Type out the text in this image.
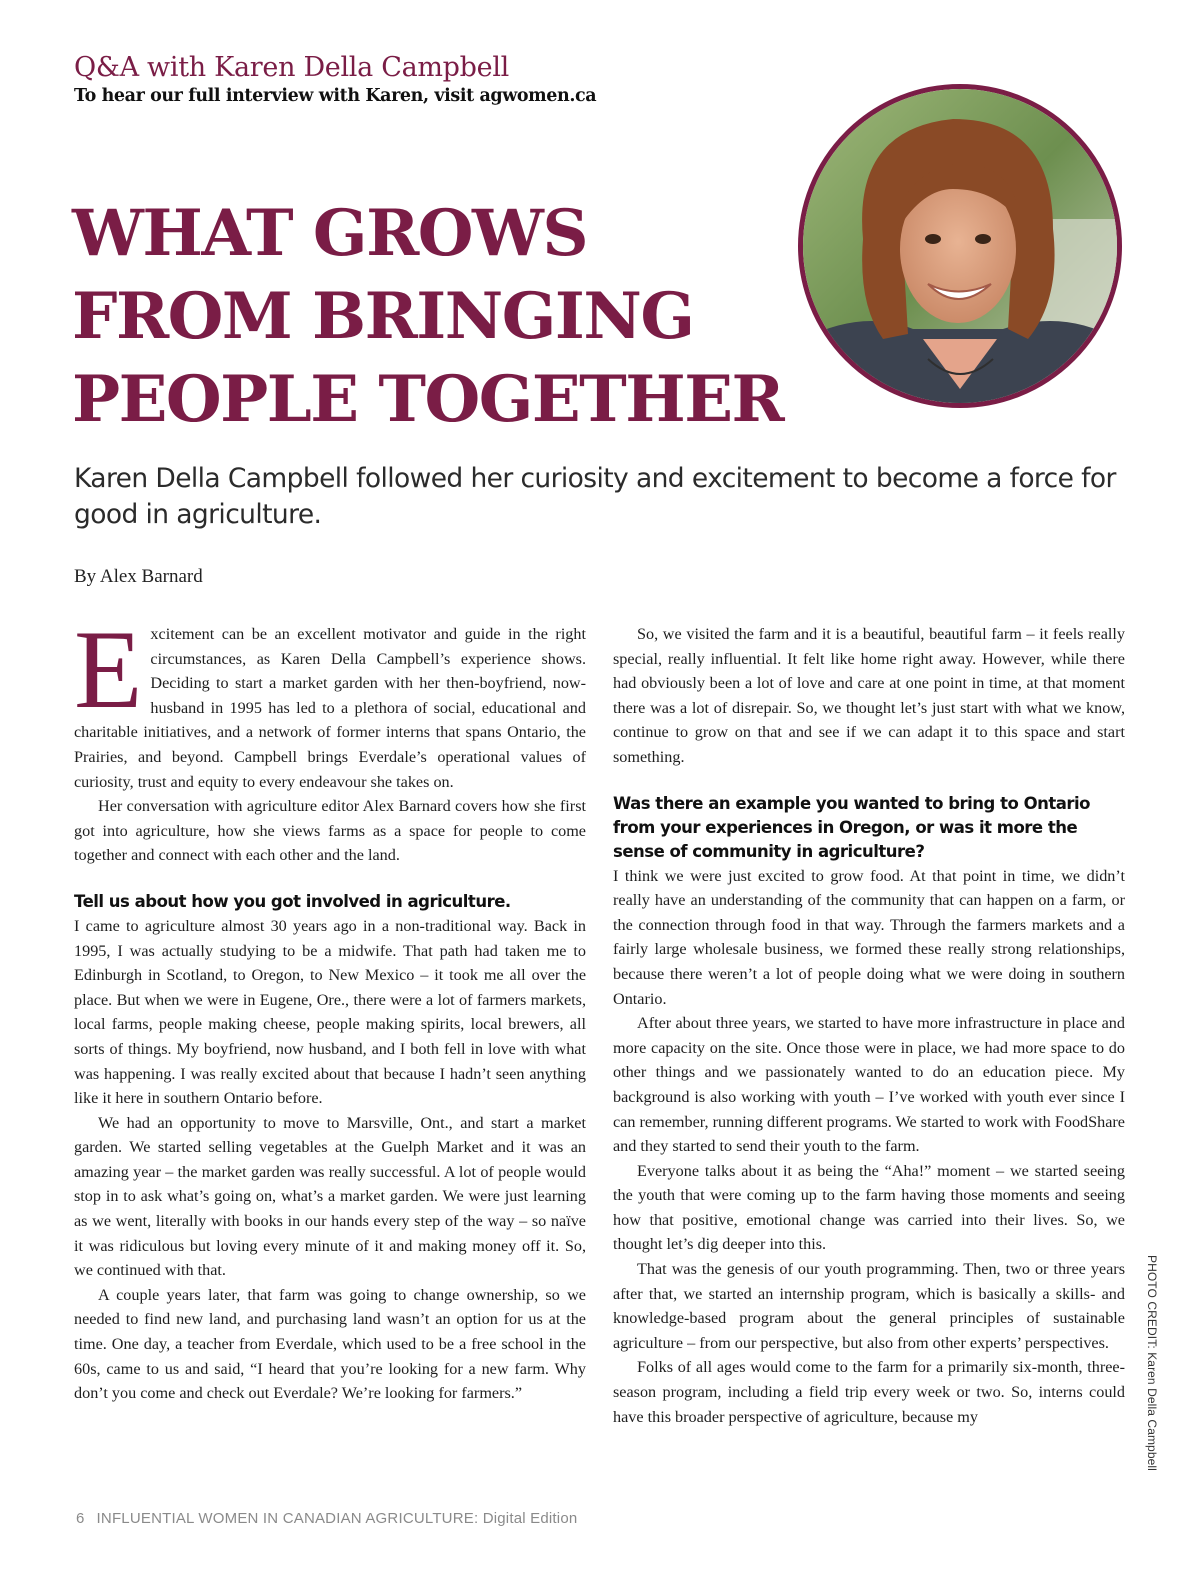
Q&A with Karen Della Campbell
To hear our full interview with Karen, visit agwomen.ca
WHAT GROWS
FROM BRINGING
PEOPLE TOGETHER

Karen Della Campbell followed her curiosity and excitement to become a force for good in agriculture.

By Alex Barnard

Excitement can be an excellent motivator and guide in the right circumstances, as Karen Della Campbell’s experience shows. Deciding to start a market garden with her then-boyfriend, now-husband in 1995 has led to a plethora of social, educational and charitable initiatives, and a network of former interns that spans Ontario, the Prairies, and beyond. Campbell brings Everdale’s operational values of curiosity, trust and equity to every endeavour she takes on.

Her conversation with agriculture editor Alex Barnard covers how she first got into agriculture, how she views farms as a space for people to come together and connect with each other and the land.

Tell us about how you got involved in agriculture.

I came to agriculture almost 30 years ago in a non-traditional way. Back in 1995, I was actually studying to be a midwife. That path had taken me to Edinburgh in Scotland, to Oregon, to New Mexico – it took me all over the place. But when we were in Eugene, Ore., there were a lot of farmers markets, local farms, people making cheese, people making spirits, local brewers, all sorts of things. My boyfriend, now husband, and I both fell in love with what was happening. I was really excited about that because I hadn’t seen anything like it here in southern Ontario before.

We had an opportunity to move to Marsville, Ont., and start a market garden. We started selling vegetables at the Guelph Market and it was an amazing year – the market garden was really successful. A lot of people would stop in to ask what’s going on, what’s a market garden. We were just learning as we went, literally with books in our hands every step of the way – so naïve it was ridiculous but loving every minute of it and making money off it. So, we continued with that.

A couple years later, that farm was going to change ownership, so we needed to find new land, and purchasing land wasn’t an option for us at the time. One day, a teacher from Everdale, which used to be a free school in the 60s, came to us and said, “I heard that you’re looking for a new farm. Why don’t you come and check out Everdale? We’re looking for farmers.”

So, we visited the farm and it is a beautiful, beautiful farm – it feels really special, really influential. It felt like home right away. However, while there had obviously been a lot of love and care at one point in time, at that moment there was a lot of disrepair. So, we thought let’s just start with what we know, continue to grow on that and see if we can adapt it to this space and start something.

Was there an example you wanted to bring to Ontario from your experiences in Oregon, or was it more the sense of community in agriculture?

I think we were just excited to grow food. At that point in time, we didn’t really have an understanding of the community that can happen on a farm, or the connection through food in that way. Through the farmers markets and a fairly large wholesale business, we formed these really strong relationships, because there weren’t a lot of people doing what we were doing in southern Ontario.

After about three years, we started to have more infrastructure in place and more capacity on the site. Once those were in place, we had more space to do other things and we passionately wanted to do an education piece. My background is also working with youth – I’ve worked with youth ever since I can remember, running different programs. We started to work with FoodShare and they started to send their youth to the farm.

Everyone talks about it as being the “Aha!” moment – we started seeing the youth that were coming up to the farm having those moments and seeing how that positive, emotional change was carried into their lives. So, we thought let’s dig deeper into this.

That was the genesis of our youth programming. Then, two or three years after that, we started an internship program, which is basically a skills- and knowledge-based program about the general principles of sustainable agriculture – from our perspective, but also from other experts’ perspectives.

Folks of all ages would come to the farm for a primarily six-month, three-season program, including a field trip every week or two. So, interns could have this broader perspective of agriculture, because my	PHOTO CREDIT: Karen Della Campbell
6 INFLUENTIAL WOMEN IN CANADIAN AGRICULTURE: Digital Edition
